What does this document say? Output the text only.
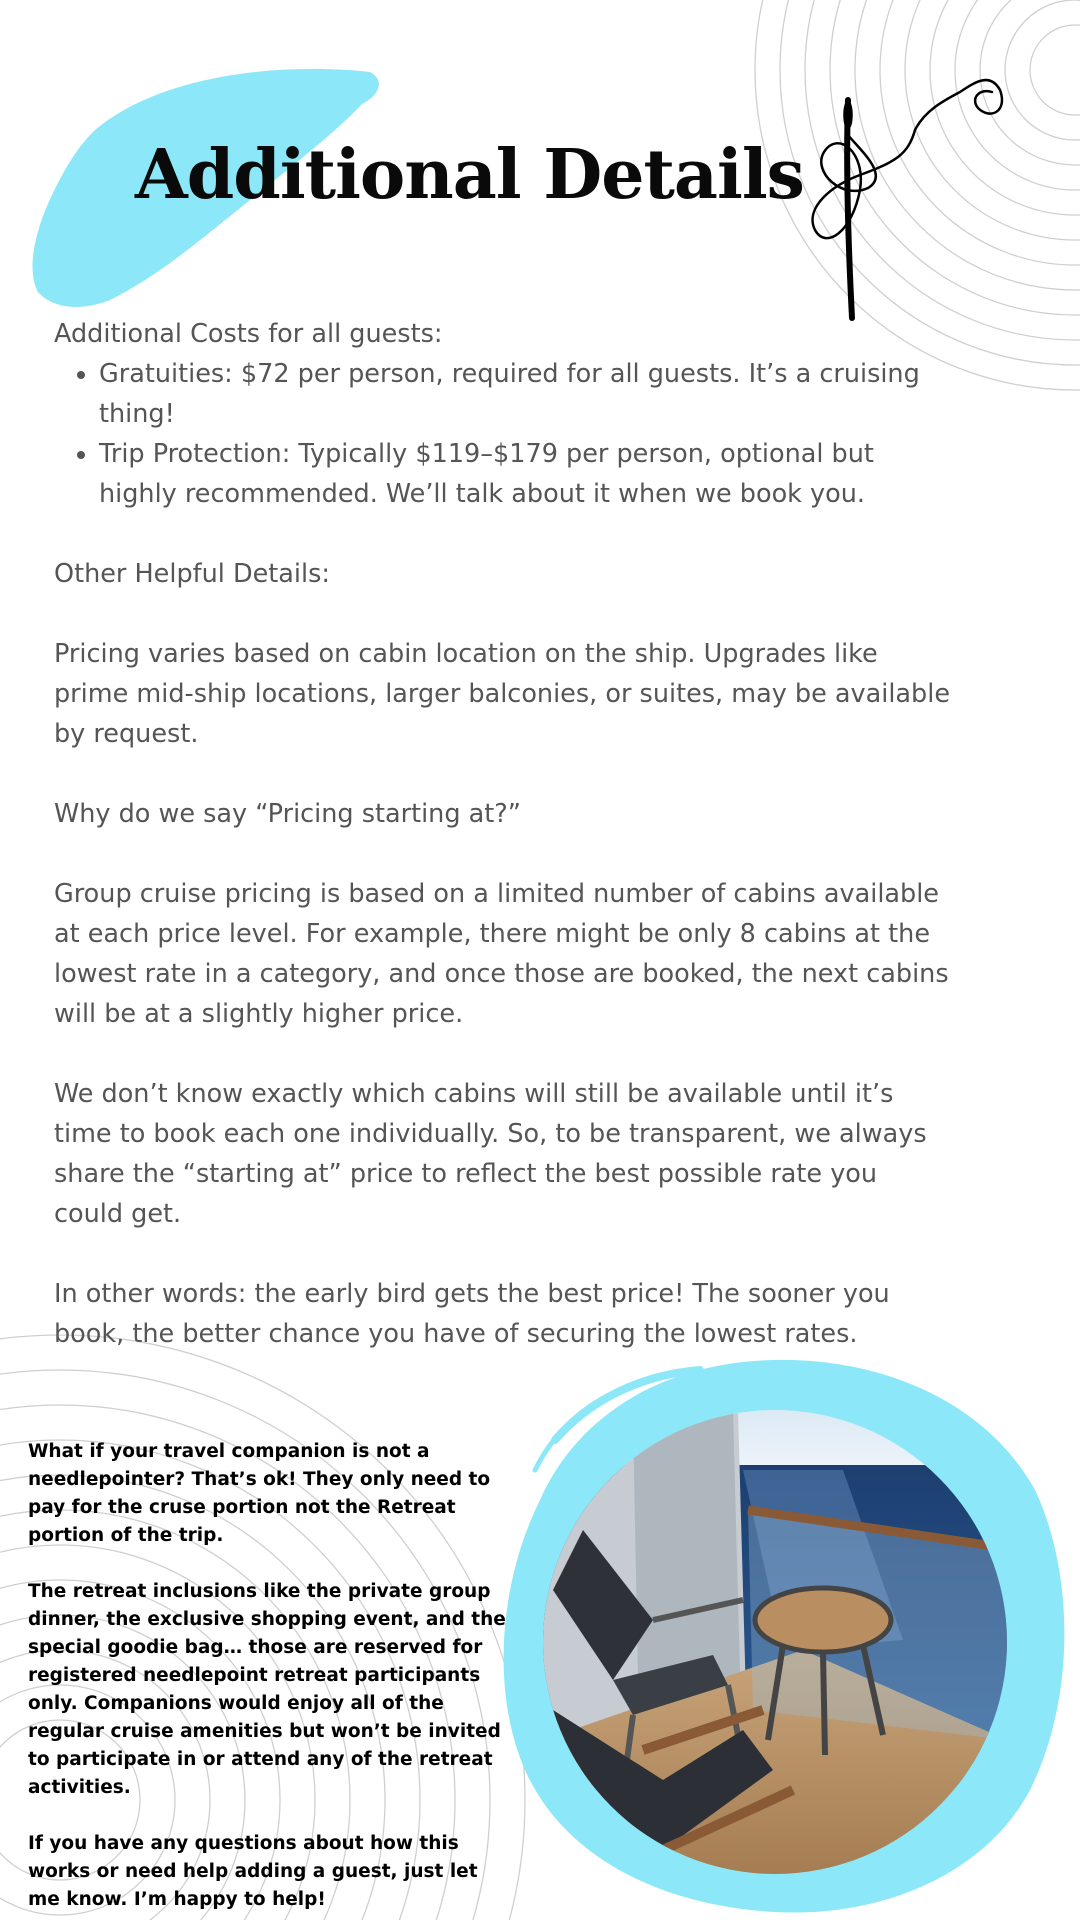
Additional Details

Additional Costs for all guests:

• Gratuities: $72 per person, required for all guests. It’s a cruising thing!
• Trip Protection: Typically $119–$179 per person, optional but highly recommended. We’ll talk about it when we book you.

Other Helpful Details:

Pricing varies based on cabin location on the ship. Upgrades like prime mid-ship locations, larger balconies, or suites, may be available by request.

Why do we say “Pricing starting at?”

Group cruise pricing is based on a limited number of cabins available at each price level. For example, there might be only 8 cabins at the lowest rate in a category, and once those are booked, the next cabins will be at a slightly higher price.

We don’t know exactly which cabins will still be available until it’s time to book each one individually. So, to be transparent, we always share the “starting at” price to reflect the best possible rate you could get.

In other words: the early bird gets the best price! The sooner you book, the better chance you have of securing the lowest rates.

What if your travel companion is not a needlepointer? That’s ok! They only need to pay for the cruse portion not the Retreat portion of the trip.

The retreat inclusions like the private group dinner, the exclusive shopping event, and the special goodie bag… those are reserved for registered needlepoint retreat participants only. Companions would enjoy all of the regular cruise amenities but won’t be invited to participate in or attend any of the retreat activities.

If you have any questions about how this works or need help adding a guest, just let me know. I’m happy to help!
